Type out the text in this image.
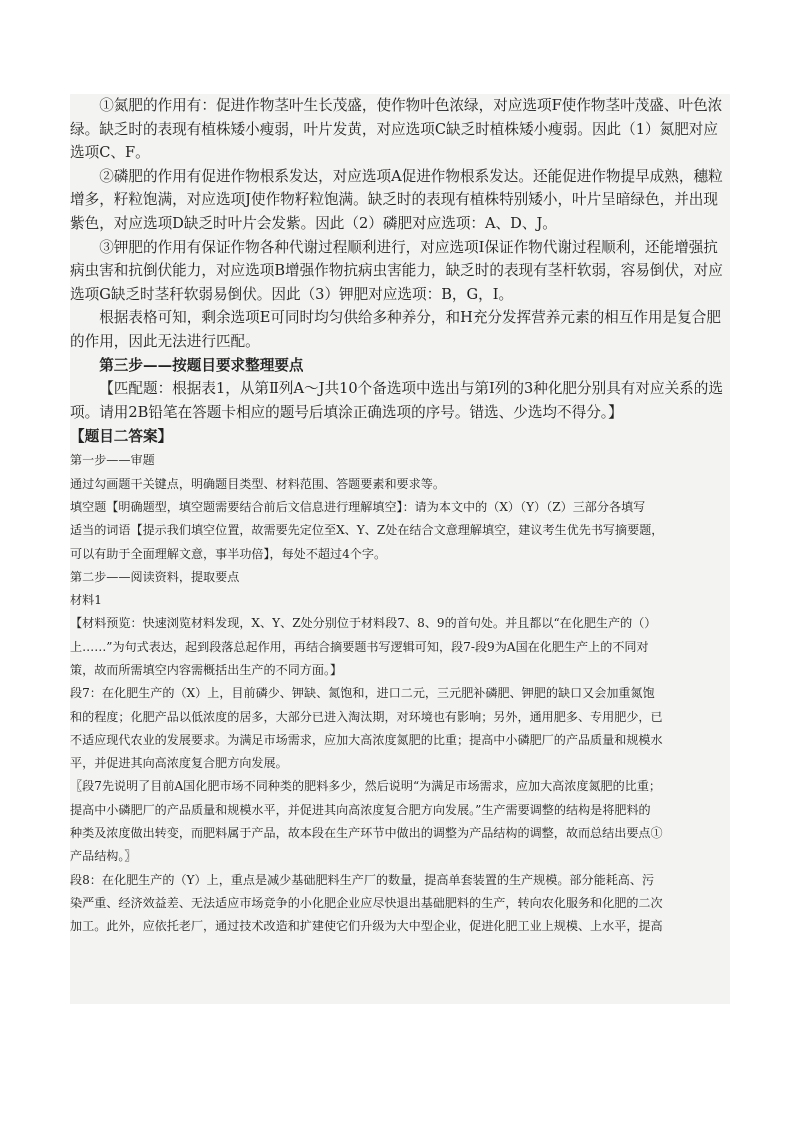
①氮肥的作用有：促进作物茎叶生长茂盛，使作物叶色浓绿，对应选项F使作物茎叶茂盛、叶色浓绿。缺乏时的表现有植株矮小瘦弱，叶片发黄，对应选项C缺乏时植株矮小瘦弱。因此（1）氮肥对应选项C、F。

②磷肥的作用有促进作物根系发达，对应选项A促进作物根系发达。还能促进作物提早成熟，穗粒增多，籽粒饱满，对应选项J使作物籽粒饱满。缺乏时的表现有植株特别矮小，叶片呈暗绿色，并出现紫色，对应选项D缺乏时叶片会发紫。因此（2）磷肥对应选项：A、D、J。

③钾肥的作用有保证作物各种代谢过程顺利进行，对应选项I保证作物代谢过程顺利，还能增强抗病虫害和抗倒伏能力，对应选项B增强作物抗病虫害能力，缺乏时的表现有茎杆软弱，容易倒伏，对应选项G缺乏时茎秆软弱易倒伏。因此（3）钾肥对应选项：B，G，I。

根据表格可知，剩余选项E可同时均匀供给多种养分，和H充分发挥营养元素的相互作用是复合肥的作用，因此无法进行匹配。

第三步——按题目要求整理要点

【匹配题：根据表1，从第Ⅱ列A～J共10个备选项中选出与第Ⅰ列的3种化肥分别具有对应关系的选项。请用2B铅笔在答题卡相应的题号后填涂正确选项的序号。错选、少选均不得分。】

【题目二答案】

第一步——审题

通过勾画题干关键点，明确题目类型、材料范围、答题要素和要求等。

填空题【明确题型，填空题需要结合前后文信息进行理解填空】：请为本文中的（X）（Y）（Z）三部分各填写

适当的词语【提示我们填空位置，故需要先定位至X、Y、Z处在结合文意理解填空，建议考生优先书写摘要题，

可以有助于全面理解文意，事半功倍】，每处不超过4个字。

第二步——阅读资料，提取要点

材料1

【材料预览：快速浏览材料发现，X、Y、Z处分别位于材料段7、8、9的首句处。并且都以“在化肥生产的（）

上……”为句式表达，起到段落总起作用，再结合摘要题书写逻辑可知，段7-段9为A国在化肥生产上的不同对

策，故而所需填空内容需概括出生产的不同方面。】

段7：在化肥生产的（X）上，目前磷少、钾缺、氮饱和，进口二元，三元肥补磷肥、钾肥的缺口又会加重氮饱

和的程度；化肥产品以低浓度的居多，大部分已进入淘汰期，对环境也有影响；另外，通用肥多、专用肥少，已

不适应现代农业的发展要求。为满足市场需求，应加大高浓度氮肥的比重；提高中小磷肥厂的产品质量和规模水

平，并促进其向高浓度复合肥方向发展。

〖段7先说明了目前A国化肥市场不同种类的肥料多少，然后说明“为满足市场需求，应加大高浓度氮肥的比重；

提高中小磷肥厂的产品质量和规模水平，并促进其向高浓度复合肥方向发展。”生产需要调整的结构是将肥料的

种类及浓度做出转变，而肥料属于产品，故本段在生产环节中做出的调整为产品结构的调整，故而总结出要点①

产品结构。〗

段8：在化肥生产的（Y）上，重点是减少基础肥料生产厂的数量，提高单套装置的生产规模。部分能耗高、污

染严重、经济效益差、无法适应市场竞争的小化肥企业应尽快退出基础肥料的生产，转向农化服务和化肥的二次

加工。此外，应依托老厂，通过技术改造和扩建使它们升级为大中型企业，促进化肥工业上规模、上水平，提高
